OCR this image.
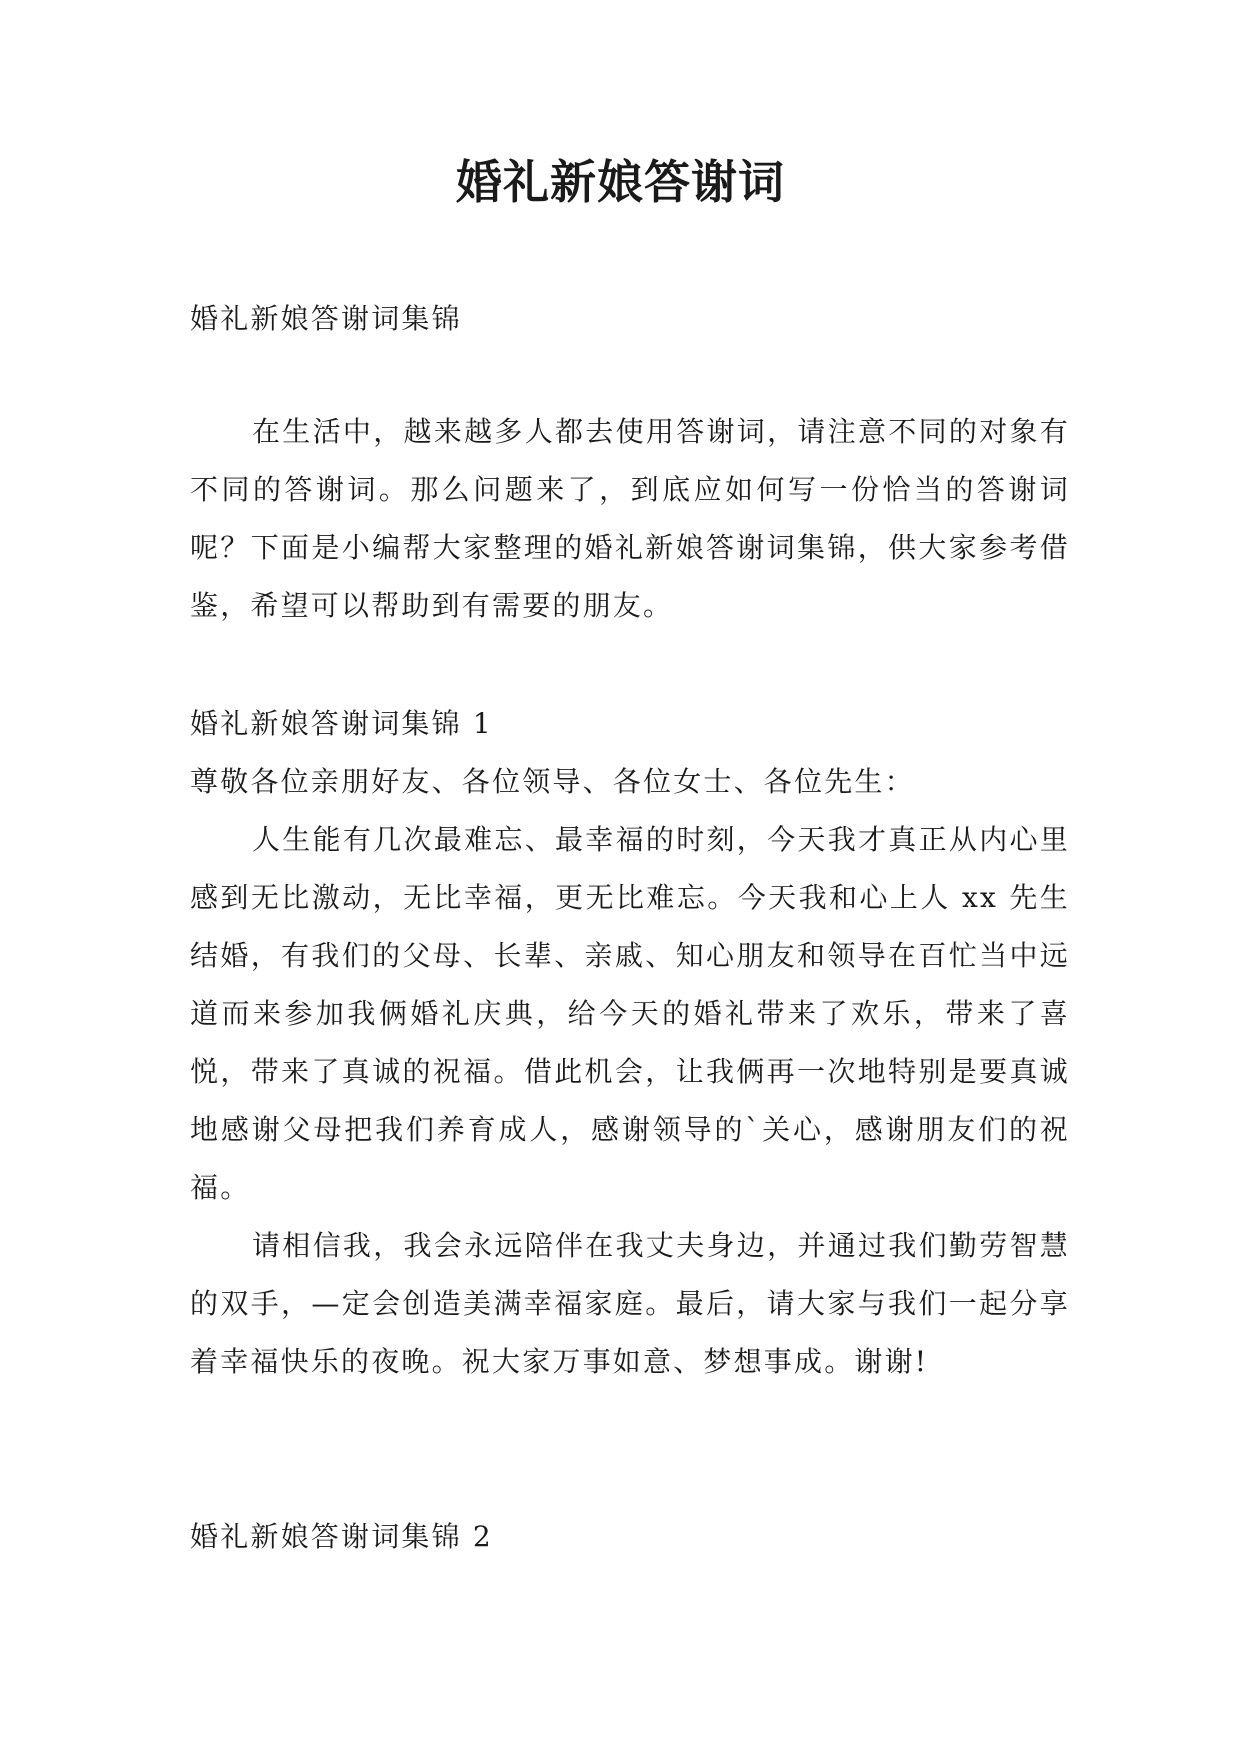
婚礼新娘答谢词

婚礼新娘答谢词集锦

在生活中，越来越多人都去使用答谢词，请注意不同的对象有不同的答谢词。那么问题来了，到底应如何写一份恰当的答谢词呢？下面是小编帮大家整理的婚礼新娘答谢词集锦，供大家参考借鉴，希望可以帮助到有需要的朋友。

婚礼新娘答谢词集锦 1

尊敬各位亲朋好友、各位领导、各位女士、各位先生：

人生能有几次最难忘、最幸福的时刻，今天我才真正从内心里感到无比激动，无比幸福，更无比难忘。今天我和心上人 xx 先生结婚，有我们的父母、长辈、亲戚、知心朋友和领导在百忙当中远道而来参加我俩婚礼庆典，给今天的婚礼带来了欢乐，带来了喜悦，带来了真诚的祝福。借此机会，让我俩再一次地特别是要真诚地感谢父母把我们养育成人，感谢领导的`关心，感谢朋友们的祝福。

请相信我，我会永远陪伴在我丈夫身边，并通过我们勤劳智慧的双手，—定会创造美满幸福家庭。最后，请大家与我们一起分享着幸福快乐的夜晚。祝大家万事如意、梦想事成。谢谢!

婚礼新娘答谢词集锦 2
